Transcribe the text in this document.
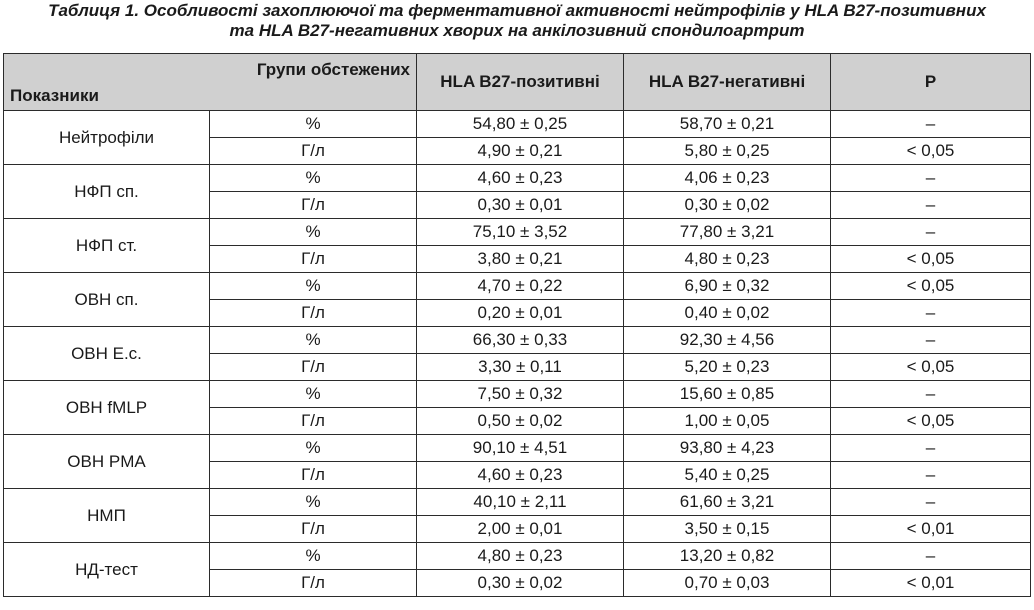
Таблиця 1. Особливості захоплюючої та ферментативної активності нейтрофілів у HLA B27-позитивних
та HLA B27-негативних хворих на анкілозивний спондилоартрит
Групи обстежених
Показники		HLA B27-позитивні	HLA B27-негативні	P
Нейтрофіли	%	54,80 ± 0,25	58,70 ± 0,21	–
	Г/л	4,90 ± 0,21	5,80 ± 0,25	< 0,05
НФП сп.	%	4,60 ± 0,23	4,06 ± 0,23	–
	Г/л	0,30 ± 0,01	0,30 ± 0,02	–
НФП ст.	%	75,10 ± 3,52	77,80 ± 3,21	–
	Г/л	3,80 ± 0,21	4,80 ± 0,23	< 0,05
ОВН сп.	%	4,70 ± 0,22	6,90 ± 0,32	< 0,05
	Г/л	0,20 ± 0,01	0,40 ± 0,02	–
ОВН E.c.	%	66,30 ± 0,33	92,30 ± 4,56	–
	Г/л	3,30 ± 0,11	5,20 ± 0,23	< 0,05
ОВН fMLP	%	7,50 ± 0,32	15,60 ± 0,85	–
	Г/л	0,50 ± 0,02	1,00 ± 0,05	< 0,05
ОВН PMA	%	90,10 ± 4,51	93,80 ± 4,23	–
	Г/л	4,60 ± 0,23	5,40 ± 0,25	–
НМП	%	40,10 ± 2,11	61,60 ± 3,21	–
	Г/л	2,00 ± 0,01	3,50 ± 0,15	< 0,01
НД-тест	%	4,80 ± 0,23	13,20 ± 0,82	–
	Г/л	0,30 ± 0,02	0,70 ± 0,03	< 0,01
